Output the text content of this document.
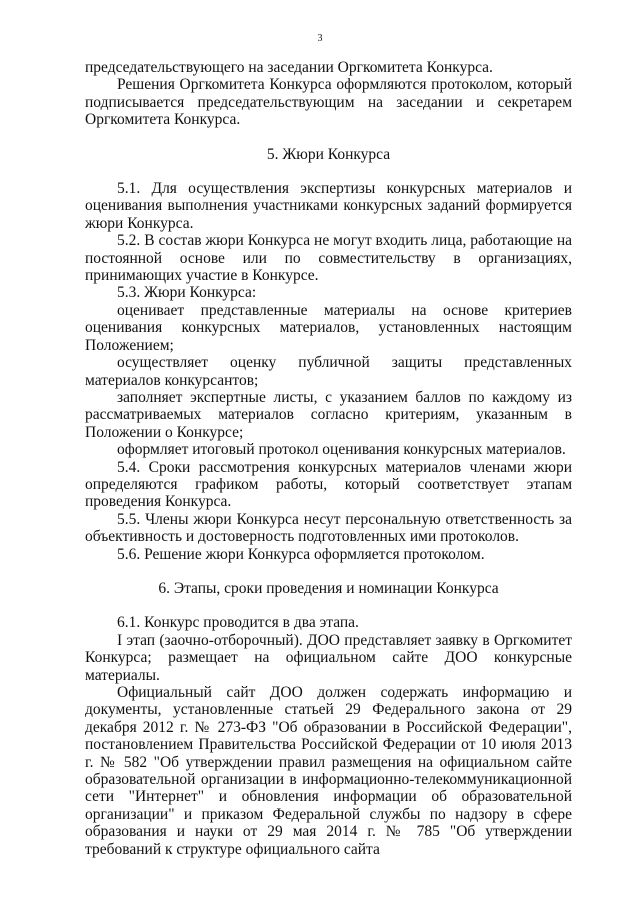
3

председательствующего на заседании Оргкомитета Конкурса.

Решения Оргкомитета Конкурса оформляются протоколом, который подписывается председательствующим на заседании и секретарем Оргкомитета Конкурса.

5. Жюри Конкурса

5.1. Для осуществления экспертизы конкурсных материалов и оценивания выполнения участниками конкурсных заданий формируется жюри Конкурса.

5.2. В состав жюри Конкурса не могут входить лица, работающие на постоянной основе или по совместительству в организациях, принимающих участие в Конкурсе.

5.3. Жюри Конкурса:

оценивает представленные материалы на основе критериев оценивания конкурсных материалов, установленных настоящим Положением;

осуществляет оценку публичной защиты представленных материалов конкурсантов;

заполняет экспертные листы, с указанием баллов по каждому из рассматриваемых материалов согласно критериям, указанным в Положении о Конкурсе;

оформляет итоговый протокол оценивания конкурсных материалов.

5.4. Сроки рассмотрения конкурсных материалов членами жюри определяются графиком работы, который соответствует этапам проведения Конкурса.

5.5. Члены жюри Конкурса несут персональную ответственность за объективность и достоверность подготовленных ими протоколов.

5.6. Решение жюри Конкурса оформляется протоколом.

6. Этапы, сроки проведения и номинации Конкурса

6.1. Конкурс проводится в два этапа.

I этап (заочно-отборочный). ДОО представляет заявку в Оргкомитет Конкурса; размещает на официальном сайте ДОО конкурсные материалы.

Официальный сайт ДОО должен содержать информацию и документы, установленные статьей 29 Федерального закона от 29 декабря 2012 г. № 273-ФЗ "Об образовании в Российской Федерации", постановлением Правительства Российской Федерации от 10 июля 2013 г. № 582 "Об утверждении правил размещения на официальном сайте образовательной организации в информационно-телекоммуникационной сети "Интернет" и обновления информации об образовательной организации" и приказом Федеральной службы по надзору в сфере образования и науки от 29 мая 2014 г. № 785 "Об утверждении требований к структуре официального сайта
